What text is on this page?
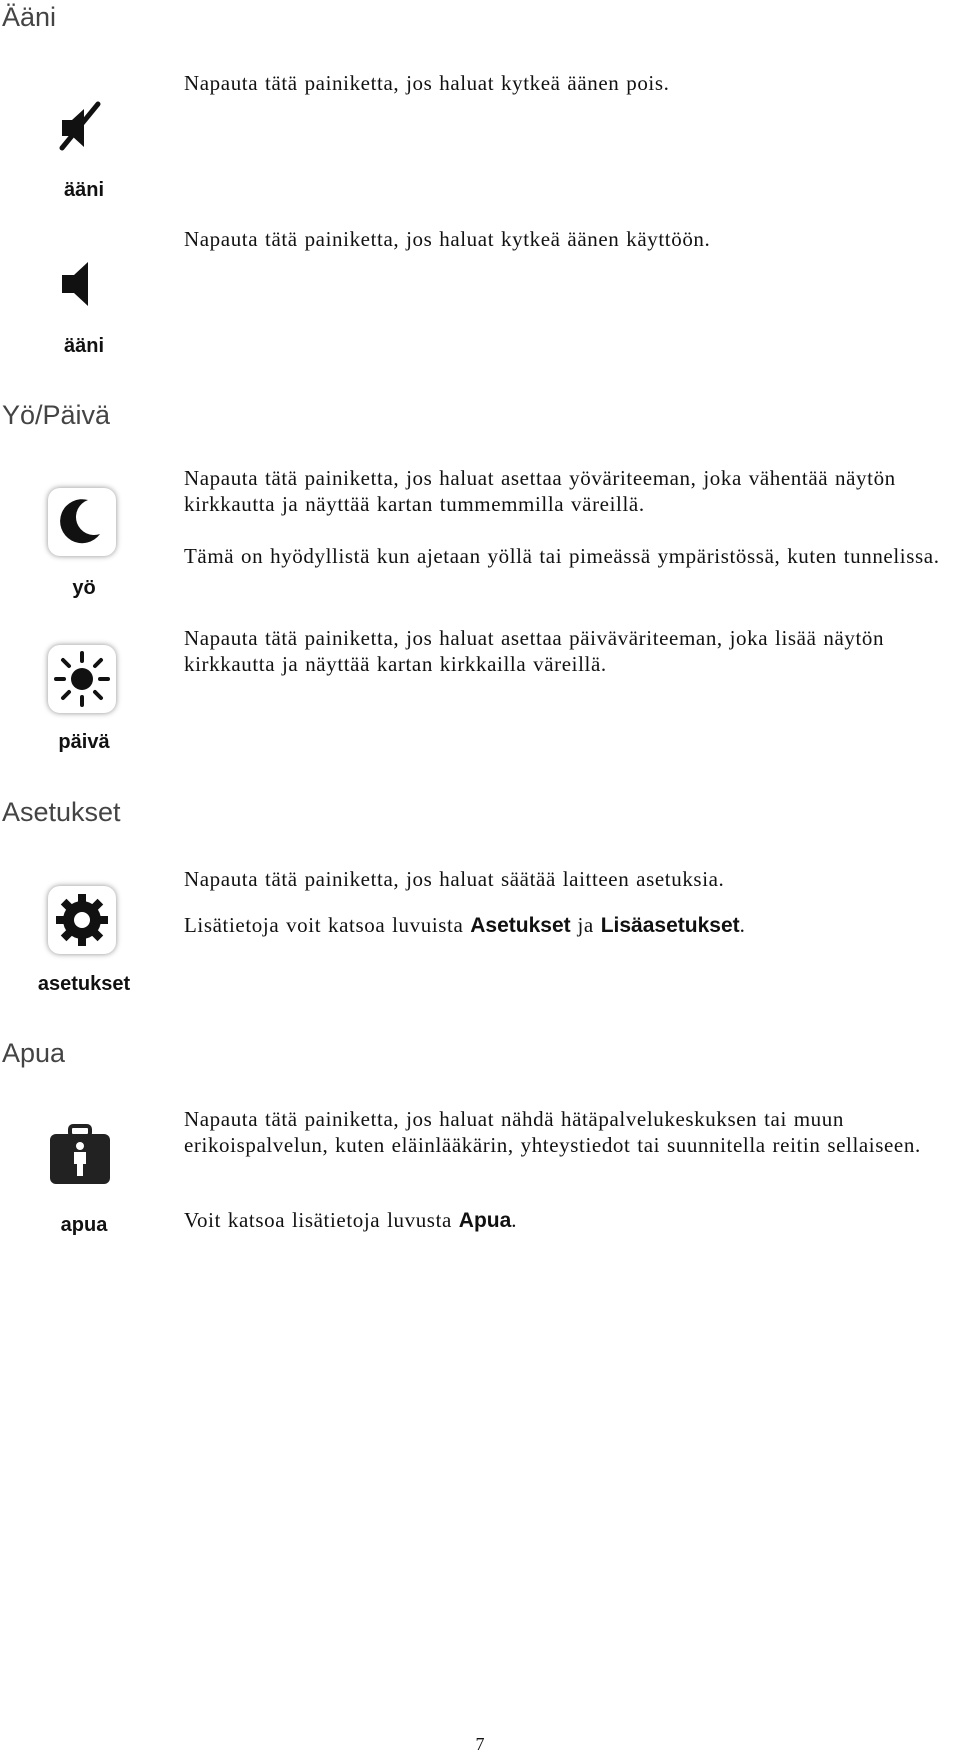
Ääni

Napauta tätä painiketta, jos haluat kytkeä äänen pois.

ääni

Napauta tätä painiketta, jos haluat kytkeä äänen käyttöön.

ääni
Yö/Päivä

Napauta tätä painiketta, jos haluat asettaa yöväriteeman, joka vähentää näytön kirkkautta ja näyttää kartan tummemmilla väreillä.

Tämä on hyödyllistä kun ajetaan yöllä tai pimeässä ympäristössä, kuten tunnelissa.

yö

Napauta tätä painiketta, jos haluat asettaa päiväväriteeman, joka lisää näytön kirkkautta ja näyttää kartan kirkkailla väreillä.

päivä
Asetukset

Napauta tätä painiketta, jos haluat säätää laitteen asetuksia.

Lisätietoja voit katsoa luvuista Asetukset ja Lisäasetukset.

asetukset
Apua

Napauta tätä painiketta, jos haluat nähdä hätäpalvelukeskuksen tai muun erikoispalvelun, kuten eläinlääkärin, yhteystiedot tai suunnitella reitin sellaiseen.

Voit katsoa lisätietoja luvusta Apua.

apua
7
